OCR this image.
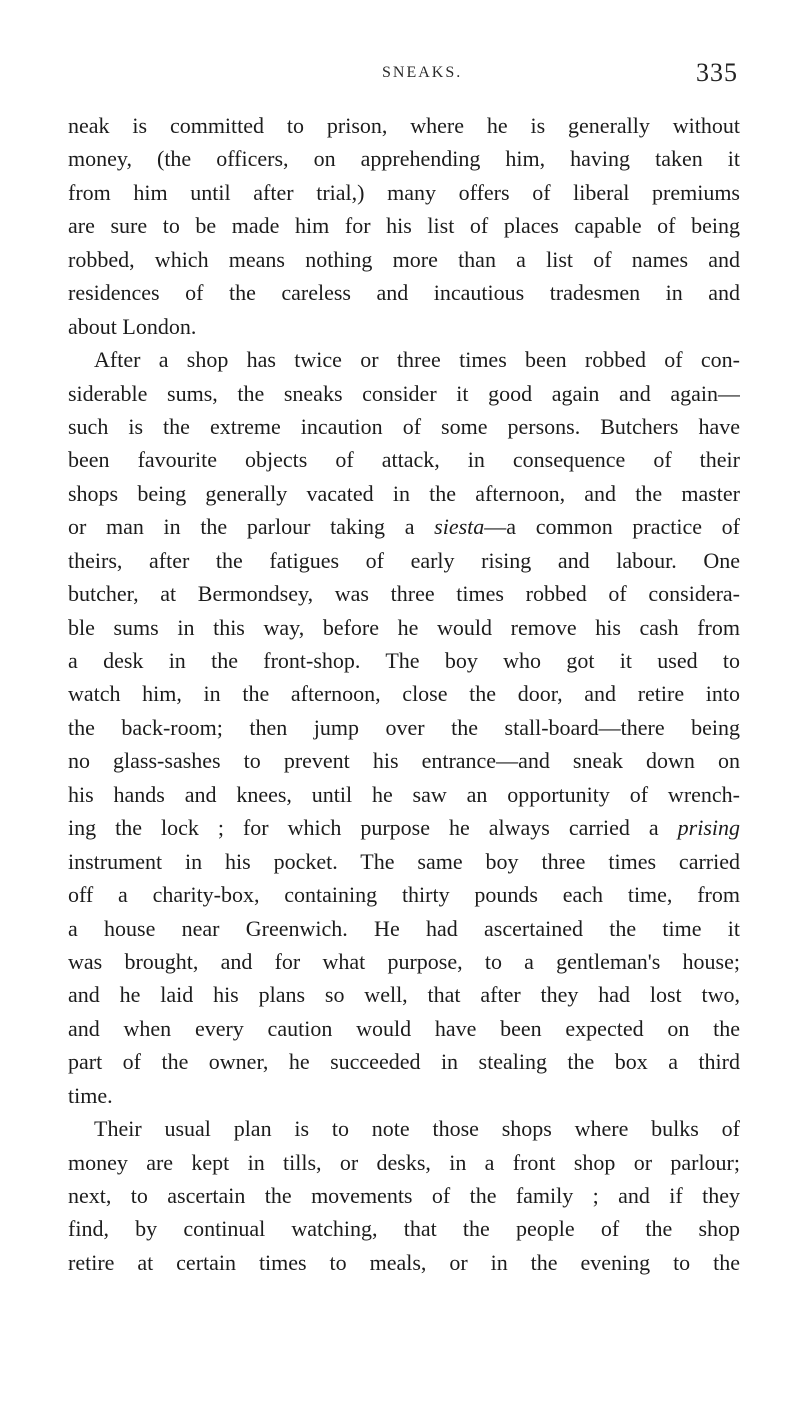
SNEAKS.	335
neak is committed to prison, where he is generally without
money, (the officers, on apprehending him, having taken it
from him until after trial,) many offers of liberal premiums
are sure to be made him for his list of places capable of being
robbed, which means nothing more than a list of names and
residences of the careless and incautious tradesmen in and
about London.
After a shop has twice or three times been robbed of con-
siderable sums, the sneaks consider it good again and again—
such is the extreme incaution of some persons. Butchers have
been favourite objects of attack, in consequence of their
shops being generally vacated in the afternoon, and the master
or man in the parlour taking a siesta—a common practice of
theirs, after the fatigues of early rising and labour. One
butcher, at Bermondsey, was three times robbed of considera-
ble sums in this way, before he would remove his cash from
a desk in the front-shop. The boy who got it used to
watch him, in the afternoon, close the door, and retire into
the back-room; then jump over the stall-board—there being
no glass-sashes to prevent his entrance—and sneak down on
his hands and knees, until he saw an opportunity of wrench-
ing the lock ; for which purpose he always carried a prising
instrument in his pocket. The same boy three times carried
off a charity-box, containing thirty pounds each time, from
a house near Greenwich. He had ascertained the time it
was brought, and for what purpose, to a gentleman's house;
and he laid his plans so well, that after they had lost two,
and when every caution would have been expected on the
part of the owner, he succeeded in stealing the box a third
time.
Their usual plan is to note those shops where bulks of
money are kept in tills, or desks, in a front shop or parlour;
next, to ascertain the movements of the family ; and if they
find, by continual watching, that the people of the shop
retire at certain times to meals, or in the evening to the
